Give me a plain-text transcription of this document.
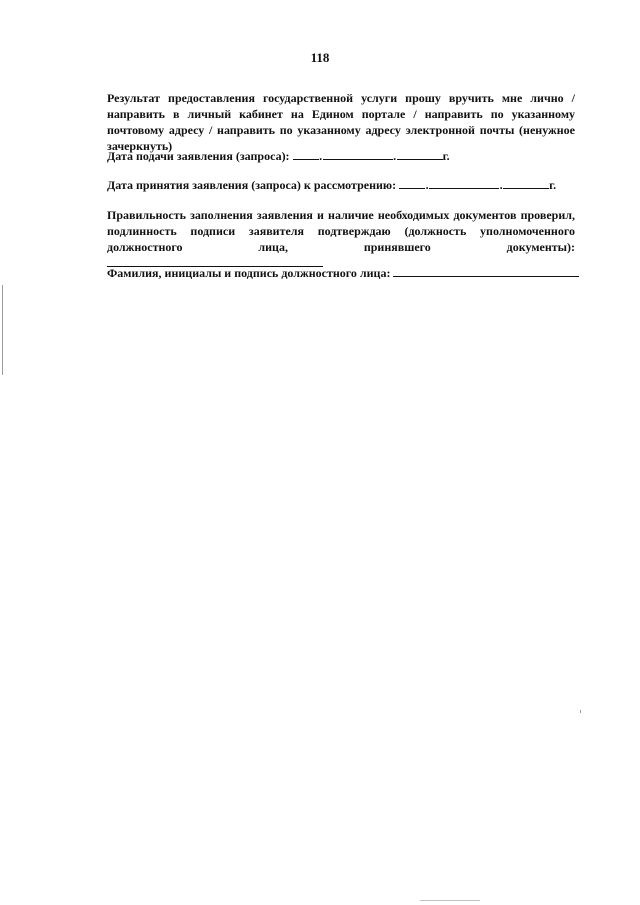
118
Результат предоставления государственной услуги прошу вручить мне лично / направить в личный кабинет на Едином портале / направить по указанному почтовому адресу / направить по указанному адресу электронной почты (ненужное зачеркнуть)
Дата подачи заявления (запроса): .	.	г.
Дата принятия заявления (запроса) к рассмотрению: .	.	г.
Правильность заполнения заявления и наличие необходимых документов проверил, подлинность подписи заявителя подтверждаю (должность уполномоченного должностного лица, принявшего документы):
Фамилия, инициалы и подпись должностного лица:
